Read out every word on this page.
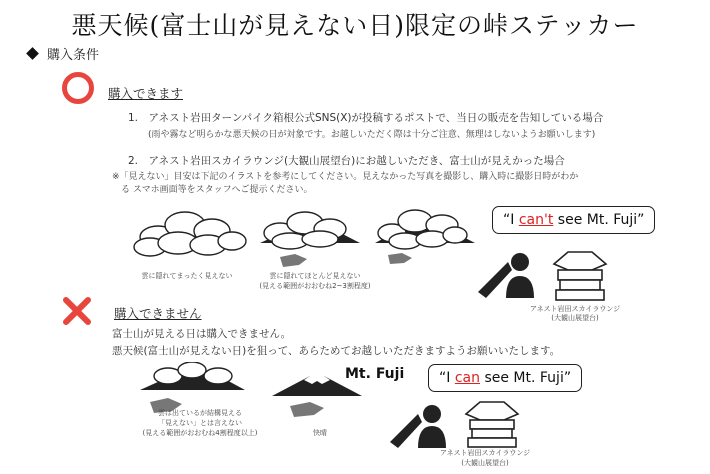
悪天候(富士山が見えない日)限定の峠ステッカー
購入条件
購入できます
1.　アネスト岩田ターンパイク箱根公式SNS(X)が投稿するポストで、当日の販売を告知している場合
(雨や霧など明らかな悪天候の日が対象です。お越しいただく際は十分ご注意、無理はしないようお願いします)
2.　アネスト岩田スカイラウンジ(大観山展望台)にお越しいただき、富士山が見えかった場合
※「見えない」目安は下記のイラストを参考にしてください。見えなかった写真を撮影し、購入時に撮影日時がわか
　る スマホ画面等をスタッフへご提示ください。
雲に隠れてまったく見えない	雲に隠れてほとんど見えない
(見える範囲がおおむね2~3割程度)
“I can't see Mt. Fuji”
アネスト岩田スカイラウンジ
(大観山展望台)
購入できません
富士山が見える日は購入できません。
悪天候(富士山が見えない日)を狙って、あらためてお越しいただきますようお願いいたします。
Mt. Fuji
雲は出ているが結構見える
「見えない」とは言えない
(見える範囲がおおむね4割程度以上)	快晴
“I can see Mt. Fuji”
アネスト岩田スカイラウンジ
(大観山展望台)
